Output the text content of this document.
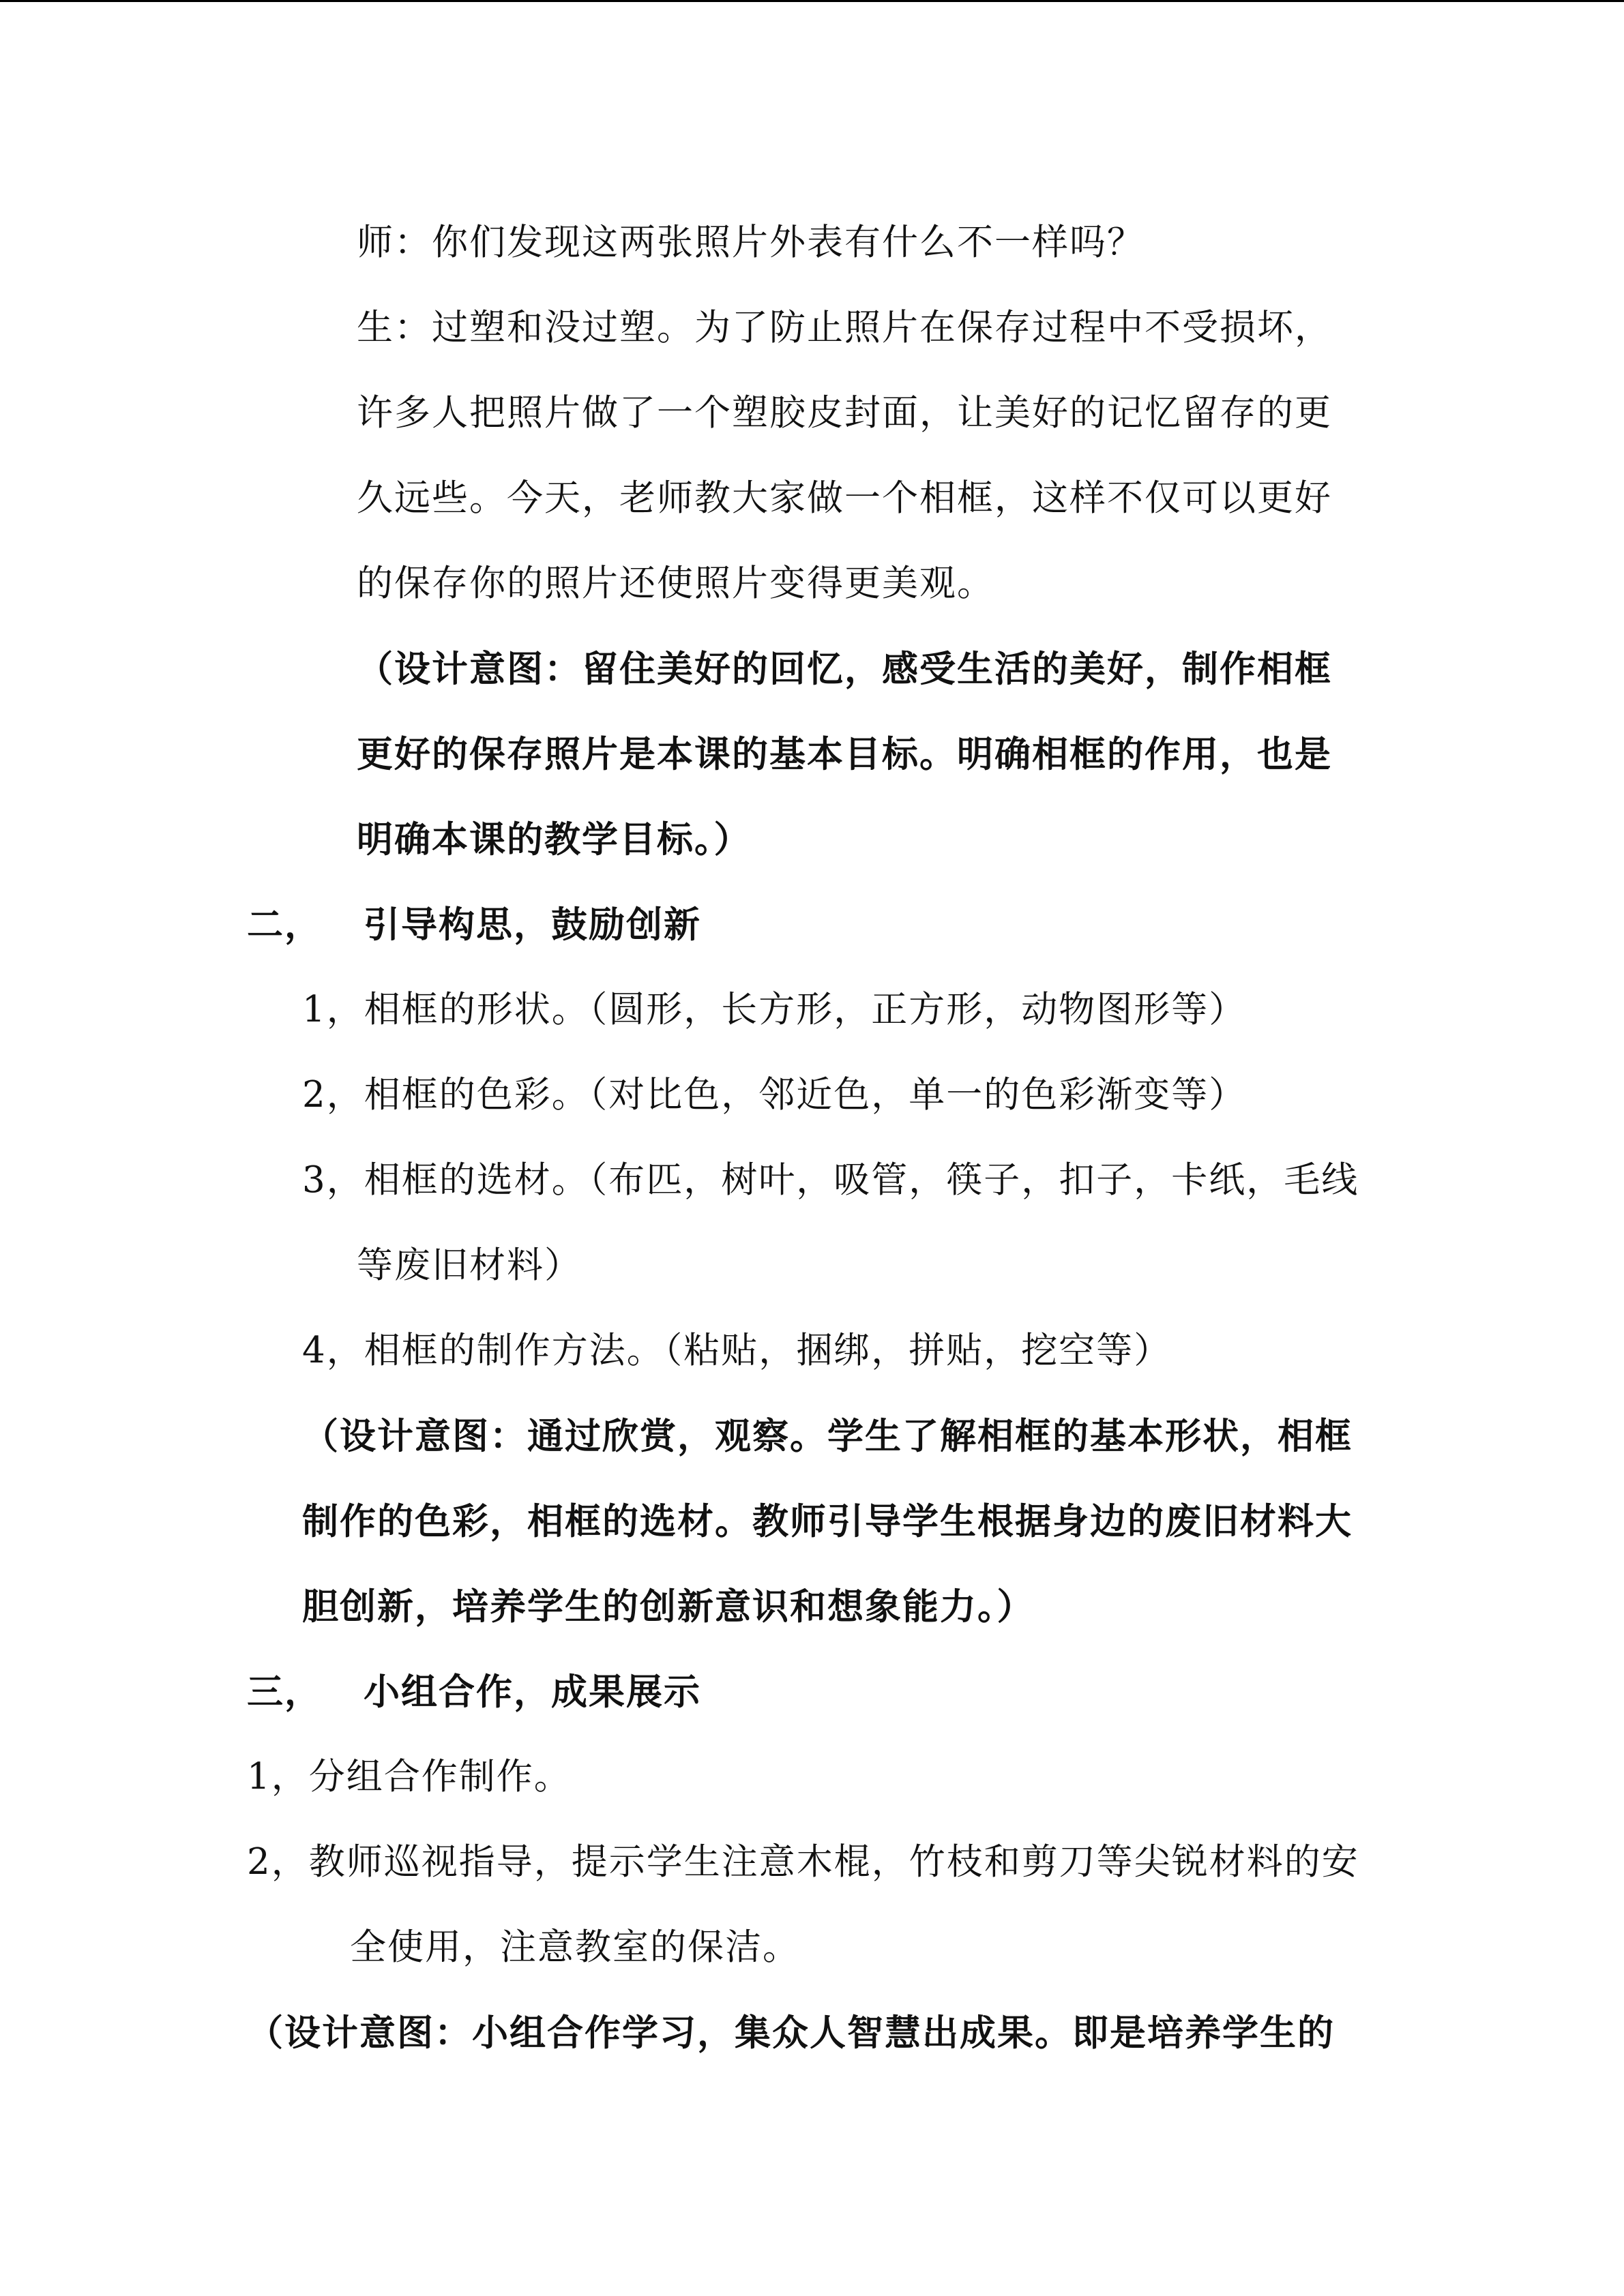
师：你们发现这两张照片外表有什么不一样吗？
生：过塑和没过塑。为了防止照片在保存过程中不受损坏，
许多人把照片做了一个塑胶皮封面，让美好的记忆留存的更
久远些。今天，老师教大家做一个相框，这样不仅可以更好
的保存你的照片还使照片变得更美观。
（设计意图：留住美好的回忆，感受生活的美好，制作相框
更好的保存照片是本课的基本目标。明确相框的作用，也是
明确本课的教学目标。）
二， 引导构思，鼓励创新
1，相框的形状。（圆形，长方形，正方形，动物图形等）
2，相框的色彩。（对比色，邻近色，单一的色彩渐变等）
3，相框的选材。（布匹，树叶，吸管，筷子，扣子，卡纸，毛线
等废旧材料）
4，相框的制作方法。（粘贴，捆绑，拼贴，挖空等）
（设计意图：通过欣赏，观察。学生了解相框的基本形状，相框
制作的色彩，相框的选材。教师引导学生根据身边的废旧材料大
胆创新，培养学生的创新意识和想象能力。）
三， 小组合作，成果展示
1，分组合作制作。
2，教师巡视指导，提示学生注意木棍，竹枝和剪刀等尖锐材料的安
全使用，注意教室的保洁。
（设计意图：小组合作学习，集众人智慧出成果。即是培养学生的
